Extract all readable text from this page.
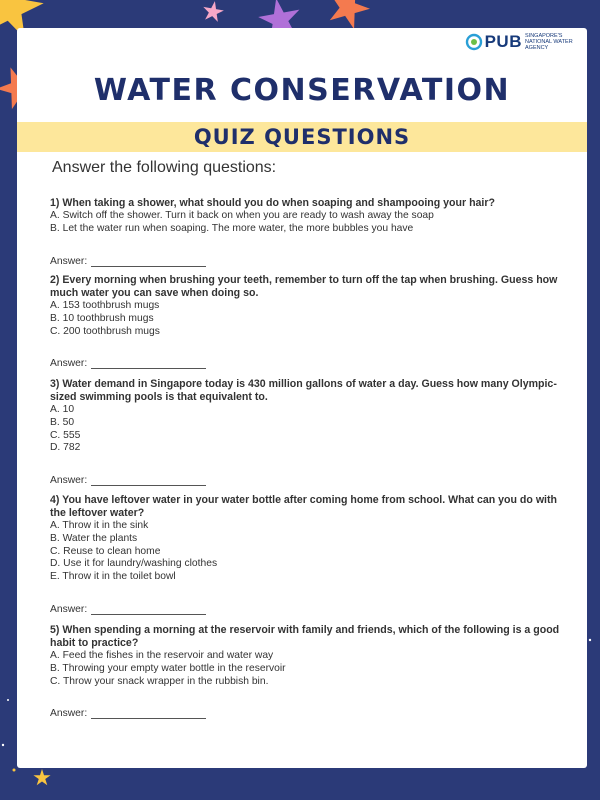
PUB SINGAPORE'S NATIONAL WATER AGENCY
WATER CONSERVATION
QUIZ QUESTIONS
Answer the following questions:
1) When taking a shower, what should you do when soaping and shampooing your hair?
A. Switch off the shower. Turn it back on when you are ready to wash away the soap
B. Let the water run when soaping. The more water, the more bubbles you have
Answer:
2) Every morning when brushing your teeth, remember to turn off the tap when brushing. Guess how much water you can save when doing so.
A. 153 toothbrush mugs
B. 10 toothbrush mugs
C. 200 toothbrush mugs
Answer:
3) Water demand in Singapore today is 430 million gallons of water a day. Guess how many Olympic-sized swimming pools is that equivalent to.
A. 10
B. 50
C. 555
D. 782
Answer:
4) You have leftover water in your water bottle after coming home from school. What can you do with the leftover water?
A. Throw it in the sink
B. Water the plants
C. Reuse to clean home
D. Use it for laundry/washing clothes
E. Throw it in the toilet bowl
Answer:
5) When spending a morning at the reservoir with family and friends, which of the following is a good habit to practice?
A. Feed the fishes in the reservoir and water way
B. Throwing your empty water bottle in the reservoir
C. Throw your snack wrapper in the rubbish bin.
Answer:
